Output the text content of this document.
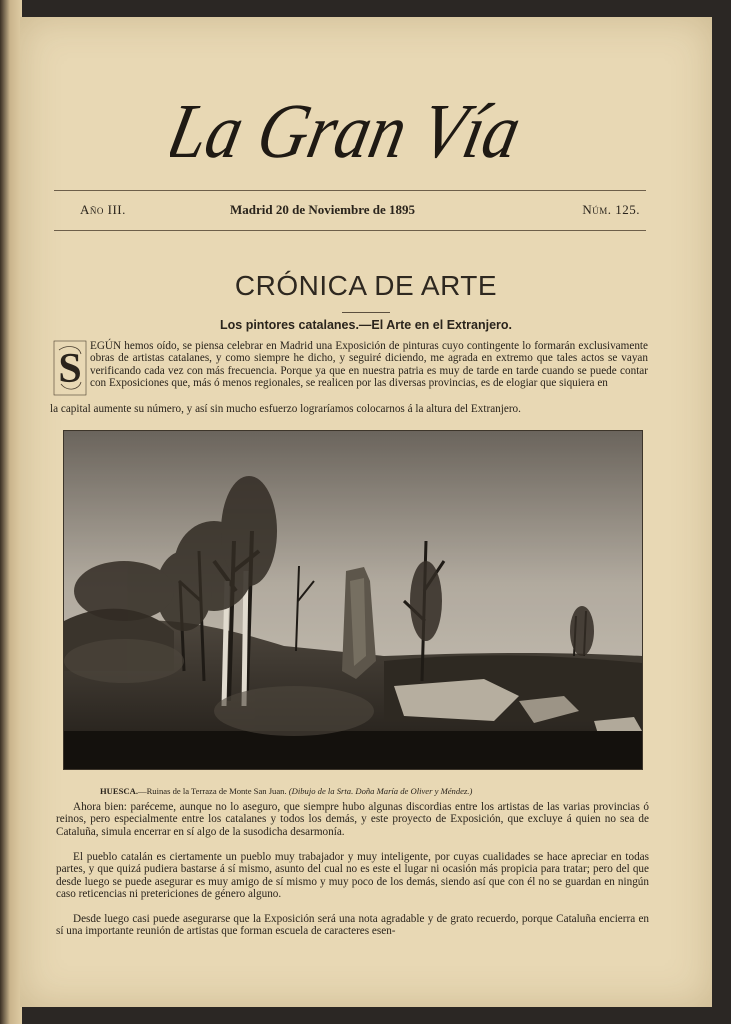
La Gran Vía
Año III.	Madrid 20 de Noviembre de 1895	Núm. 125.
CRÓNICA DE ARTE
Los pintores catalanes.—El Arte en el Extranjero.
S EGÚN hemos oído, se piensa celebrar en Madrid una Exposición de pinturas cuyo contingente lo formarán exclusivamente obras de artistas catalanes, y como siempre he dicho, y seguiré diciendo, me agrada en extremo que tales actos se vayan verificando cada vez con más frecuencia. Porque ya que en nuestra patria es muy de tarde en tarde cuando se puede contar con Exposiciones que, más ó menos regionales, se realicen por las diversas provincias, es de elogiar que siquiera en
la capital aumente su número, y así sin mucho esfuerzo lograríamos colocarnos á la altura del Extranjero.
HUESCA.—Ruinas de la Terraza de Monte San Juan. (Dibujo de la Srta. Doña María de Oliver y Méndez.)
Ahora bien: paréceme, aunque no lo aseguro, que siempre hubo algunas discordias entre los artistas de las varias provincias ó reinos, pero especialmente entre los catalanes y todos los demás, y este proyecto de Exposición, que excluye á quien no sea de Cataluña, simula encerrar en sí algo de la susodicha desarmonía.
El pueblo catalán es ciertamente un pueblo muy trabajador y muy inteligente, por cuyas cualidades se hace apreciar en todas partes, y que quizá pudiera bastarse á sí mismo, asunto del cual no es este el lugar ni ocasión más propicia para tratar; pero del que desde luego se puede asegurar es muy amigo de sí mismo y muy poco de los demás, siendo así que con él no se guardan en ningún caso reticencias ni pretericiones de género alguno.
Desde luego casi puede asegurarse que la Exposición será una nota agradable y de grato recuerdo, porque Cataluña encierra en sí una importante reunión de artistas que forman escuela de caracteres esen-
